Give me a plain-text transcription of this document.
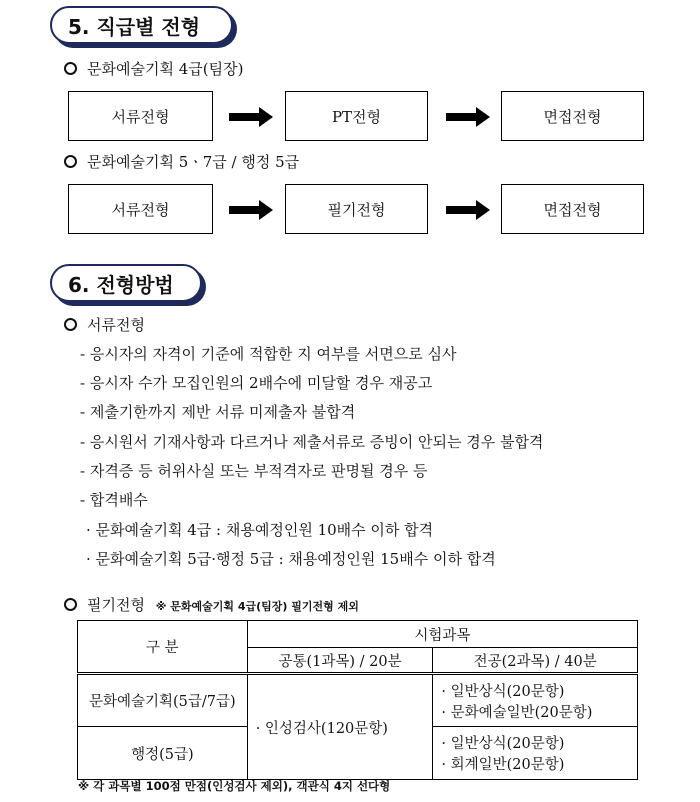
5. 직급별 전형
문화예술기획 4급(팀장)
서류전형	PT전형	면접전형
문화예술기획 5ㆍ7급 / 행정 5급
서류전형	필기전형	면접전형
6. 전형방법
서류전형
- 응시자의 자격이 기준에 적합한 지 여부를 서면으로 심사
- 응시자 수가 모집인원의 2배수에 미달할 경우 재공고
- 제출기한까지 제반 서류 미제출자 불합격
- 응시원서 기재사항과 다르거나 제출서류로 증빙이 안되는 경우 불합격
- 자격증 등 허위사실 또는 부적격자로 판명될 경우 등
- 합격배수
· 문화예술기획 4급 : 채용예정인원 10배수 이하 합격
· 문화예술기획 5급·행정 5급 : 채용예정인원 15배수 이하 합격
필기전형 ※ 문화예술기획 4급(팀장) 필기전형 제외
구 분	시험과목	
	공통(1과목) / 20분	전공(2과목) / 40분
문화예술기획(5급/7급)	· 인성검사(120문항)	· 일반상식(20문항)
· 문화예술일반(20문항)

행정(5급)		· 일반상식(20문항)
· 회계일반(20문항)
※ 각 과목별 100점 만점(인성검사 제외), 객관식 4지 선다형
